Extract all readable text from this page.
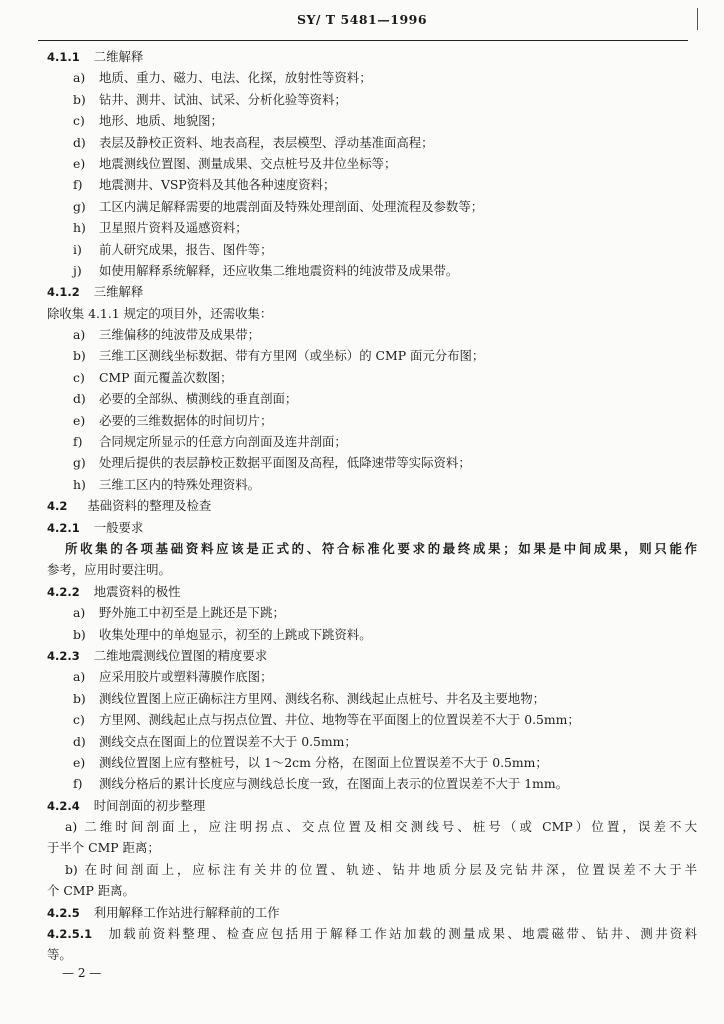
SY/ T 5481—1996
4.1.1 二维解释
a) 地质、重力、磁力、电法、化探，放射性等资料；
b) 钻井、测井、试油、试采、分析化验等资料；
c) 地形、地质、地貌图；
d) 表层及静校正资料、地表高程，表层模型、浮动基准面高程；
e) 地震测线位置图、测量成果、交点桩号及井位坐标等；
f) 地震测井、VSP资料及其他各种速度资料；
g) 工区内满足解释需要的地震剖面及特殊处理剖面、处理流程及参数等；
h) 卫星照片资料及遥感资料；
i) 前人研究成果，报告、图件等；
j) 如使用解释系统解释，还应收集二维地震资料的纯波带及成果带。
4.1.2 三维解释
除收集 4.1.1 规定的项目外，还需收集：
a) 三维偏移的纯波带及成果带；
b) 三维工区测线坐标数据、带有方里网（或坐标）的 CMP 面元分布图；
c) CMP 面元覆盖次数图；
d) 必要的全部纵、横测线的垂直剖面；
e) 必要的三维数据体的时间切片；
f) 合同规定所显示的任意方向剖面及连井剖面；
g) 处理后提供的表层静校正数据平面图及高程，低降速带等实际资料；
h) 三维工区内的特殊处理资料。
4.2 基础资料的整理及检查
4.2.1 一般要求
所收集的各项基础资料应该是正式的、符合标准化要求的最终成果；如果是中间成果，则只能作
参考，应用时要注明。
4.2.2 地震资料的极性
a) 野外施工中初至是上跳还是下跳；
b) 收集处理中的单炮显示，初至的上跳或下跳资料。
4.2.3 二维地震测线位置图的精度要求
a) 应采用胶片或塑料薄膜作底图；
b) 测线位置图上应正确标注方里网、测线名称、测线起止点桩号、井名及主要地物；
c) 方里网、测线起止点与拐点位置、井位、地物等在平面图上的位置误差不大于 0.5mm；
d) 测线交点在图面上的位置误差不大于 0.5mm；
e) 测线位置图上应有整桩号，以 1～2cm 分格，在图面上位置误差不大于 0.5mm；
f) 测线分格后的累计长度应与测线总长度一致，在图面上表示的位置误差不大于 1mm。
4.2.4 时间剖面的初步整理
a) 二维时间剖面上，应注明拐点、交点位置及相交测线号、桩号（或 CMP）位置，误差不大
于半个 CMP 距离；
b) 在时间剖面上，应标注有关井的位置、轨迹、钻井地质分层及完钻井深，位置误差不大于半
个 CMP 距离。
4.2.5 利用解释工作站进行解释前的工作
4.2.5.1 加载前资料整理、检查应包括用于解释工作站加载的测量成果、地震磁带、钻井、测井资料
等。
— 2 —
